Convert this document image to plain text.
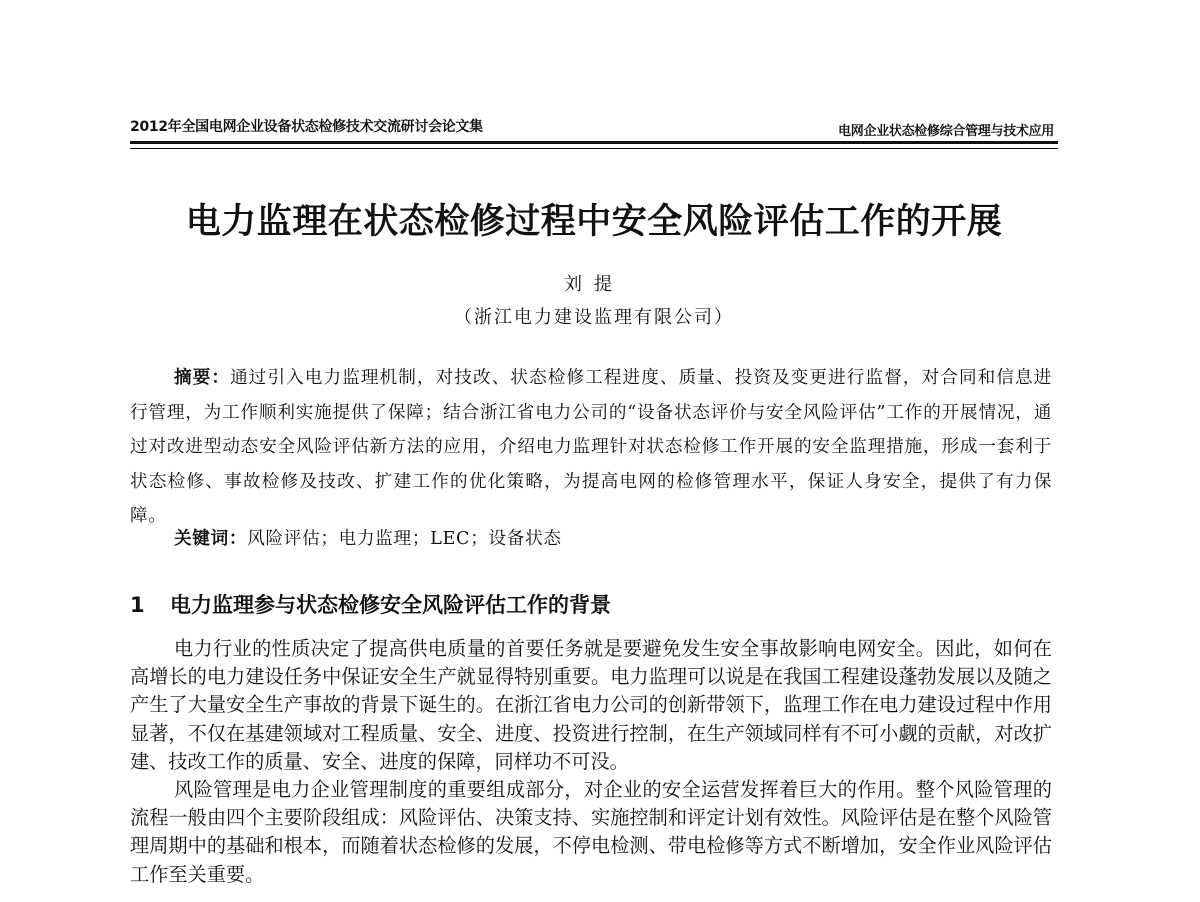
2012年全国电网企业设备状态检修技术交流研讨会论文集	电网企业状态检修综合管理与技术应用
电力监理在状态检修过程中安全风险评估工作的开展
刘提
（浙江电力建设监理有限公司）
摘要：通过引入电力监理机制，对技改、状态检修工程进度、质量、投资及变更进行监督，对合同和信息进行管理，为工作顺利实施提供了保障；结合浙江省电力公司的“设备状态评价与安全风险评估”工作的开展情况，通过对改进型动态安全风险评估新方法的应用，介绍电力监理针对状态检修工作开展的安全监理措施，形成一套利于状态检修、事故检修及技改、扩建工作的优化策略，为提高电网的检修管理水平，保证人身安全，提供了有力保障。
关键词：风险评估；电力监理；LEC；设备状态
1 电力监理参与状态检修安全风险评估工作的背景

电力行业的性质决定了提高供电质量的首要任务就是要避免发生安全事故影响电网安全。因此，如何在高增长的电力建设任务中保证安全生产就显得特别重要。电力监理可以说是在我国工程建设蓬勃发展以及随之产生了大量安全生产事故的背景下诞生的。在浙江省电力公司的创新带领下，监理工作在电力建设过程中作用显著，不仅在基建领域对工程质量、安全、进度、投资进行控制，在生产领域同样有不可小觑的贡献，对改扩建、技改工作的质量、安全、进度的保障，同样功不可没。

风险管理是电力企业管理制度的重要组成部分，对企业的安全运营发挥着巨大的作用。整个风险管理的流程一般由四个主要阶段组成：风险评估、决策支持、实施控制和评定计划有效性。风险评估是在整个风险管理周期中的基础和根本，而随着状态检修的发展，不停电检测、带电检修等方式不断增加，安全作业风险评估工作至关重要。
